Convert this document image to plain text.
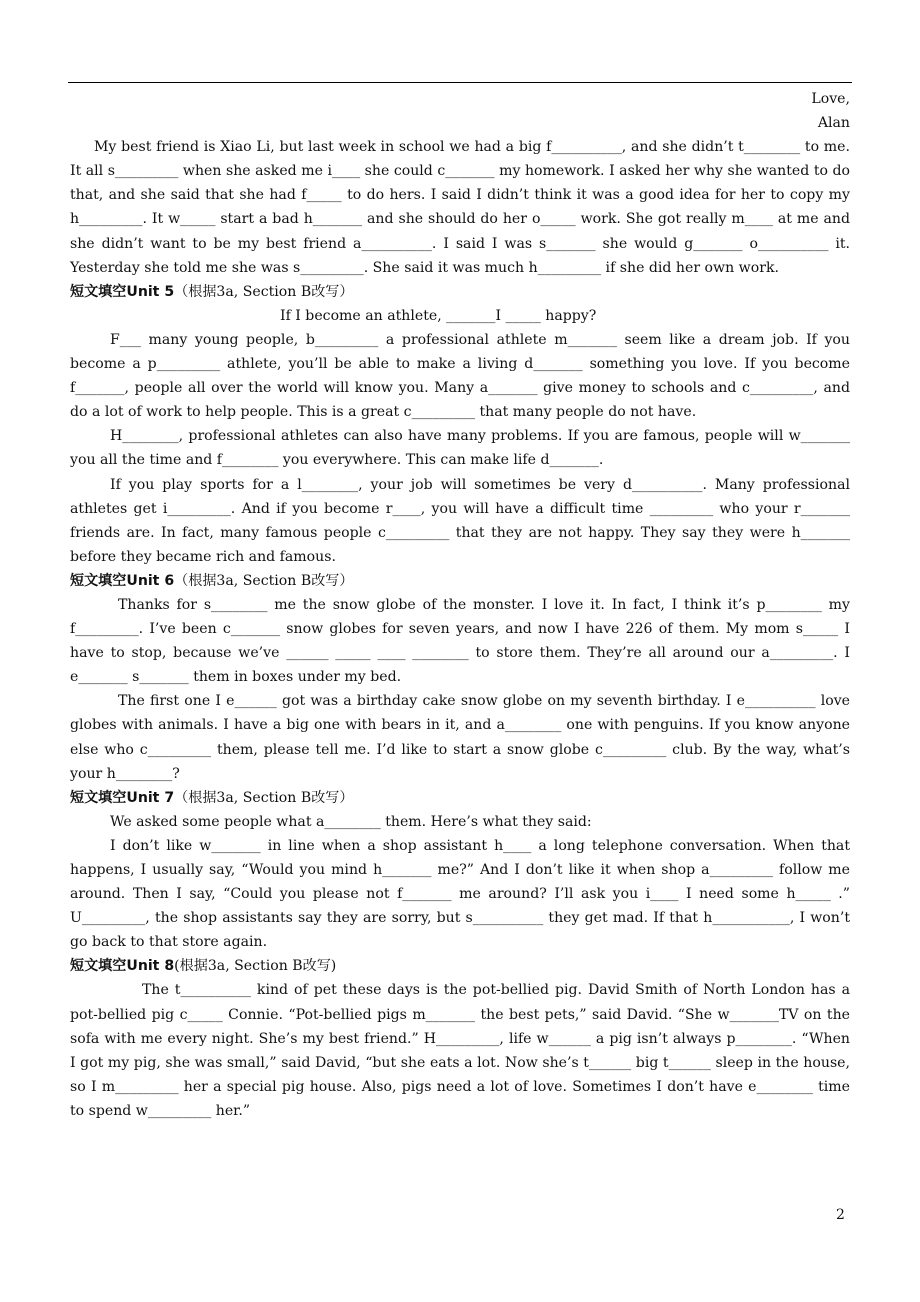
Love,
Alan

My best friend is Xiao Li, but last week in school we had a big f__________, and she didn’t t________ to me. It all s_________ when she asked me i____ she could c_______ my homework. I asked her why she wanted to do that, and she said that she had f_____ to do hers. I said I didn’t think it was a good idea for her to copy my h_________. It w_____ start a bad h_______ and she should do her o_____ work. She got really m____ at me and she didn’t want to be my best friend a__________. I said I was s_______ she would g_______ o__________ it. Yesterday she told me she was s_________. She said it was much h_________ if she did her own work.

短文填空Unit 5（根据3a, Section B改写）

If I become an athlete, _______I _____ happy?

F___ many young people, b_________ a professional athlete m_______ seem like a dream job. If you become a p_________ athlete, you’ll be able to make a living d_______ something you love. If you become f_______, people all over the world will know you. Many a_______ give money to schools and c_________, and do a lot of work to help people. This is a great c_________ that many people do not have.

H________, professional athletes can also have many problems. If you are famous, people will w_______ you all the time and f________ you everywhere. This can make life d_______.

If you play sports for a l________, your job will sometimes be very d__________. Many professional athletes get i_________. And if you become r____, you will have a difficult time _________ who your r_______ friends are. In fact, many famous people c_________ that they are not happy. They say they were h_______ before they became rich and famous.

短文填空Unit 6（根据3a, Section B改写）

Thanks for s________ me the snow globe of the monster. I love it. In fact, I think it’s p________ my f_________. I’ve been c_______ snow globes for seven years, and now I have 226 of them. My mom s_____ I have to stop, because we’ve ______ _____ ____ ________ to store them. They’re all around our a_________. I e_______ s_______ them in boxes under my bed.

The first one I e______ got was a birthday cake snow globe on my seventh birthday. I e__________ love globes with animals. I have a big one with bears in it, and a________ one with penguins. If you know anyone else who c_________ them, please tell me. I’d like to start a snow globe c_________ club. By the way, what’s your h________?

短文填空Unit 7（根据3a, Section B改写）

We asked some people what a________ them. Here’s what they said:

I don’t like w_______ in line when a shop assistant h____ a long telephone conversation. When that happens, I usually say, “Would you mind h_______ me?” And I don’t like it when shop a_________ follow me around. Then I say, “Could you please not f_______ me around? I’ll ask you i____ I need some h_____ .” U_________, the shop assistants say they are sorry, but s__________ they get mad. If that h___________, I won’t go back to that store again.

短文填空Unit 8(根据3a, Section B改写)

The t__________ kind of pet these days is the pot-bellied pig. David Smith of North London has a pot-bellied pig c_____ Connie. “Pot-bellied pigs m_______ the best pets,” said David. “She w_______TV on the sofa with me every night. She’s my best friend.” H_________, life w______ a pig isn’t always p________. “When I got my pig, she was small,” said David, “but she eats a lot. Now she’s t______ big t______ sleep in the house, so I m_________ her a special pig house. Also, pigs need a lot of love. Sometimes I don’t have e________ time to spend w_________ her.”

2
